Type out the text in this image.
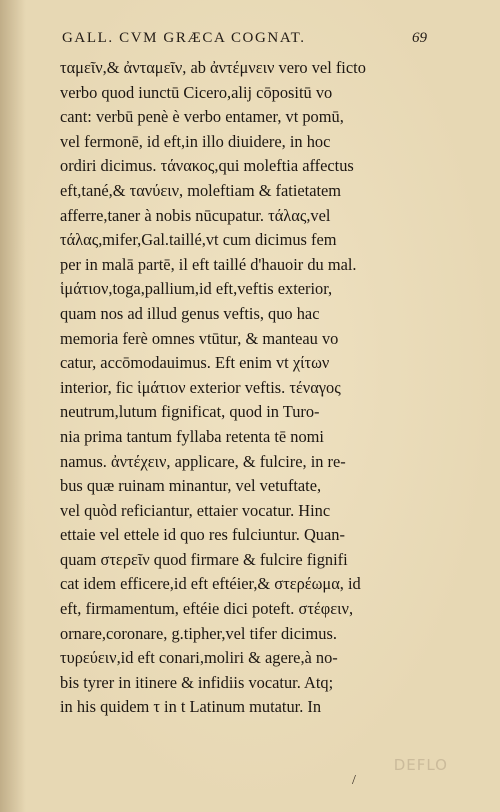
GALL. CVM GRÆCA COGNAT.	69
ταμεῖν,& ἀνταμεῖν, ab ἀντέμνειν vero vel ficto
verbo quod iunctū Cicero,alij cōpositū vo
cant: verbū penè è verbo entamer, vt pomū,
vel fermonē, id eft,in illo diuidere, in hoc
ordiri dicimus. τάνακος,qui moleftia affectus
eft,tané,& τανύειν, moleftiam & fatietatem
afferre,taner à nobis nūcupatur. τάλας,vel
τάλας,mifer,Gal.taillé,vt cum dicimus fem
per in malā partē, il eft taillé d'hauoir du mal.
ἱμάτιον,toga,pallium,id eft,veftis exterior,
quam nos ad illud genus veftis, quo hac
memoria ferè omnes vtūtur, & manteau vo
catur, accōmodauimus. Eft enim vt χίτων
interior, fic ἱμάτιον exterior veftis. τέναγος
neutrum,lutum fignificat, quod in Turo-
nia prima tantum fyllaba retenta tē nomi
namus. ἀντέχειν, applicare, & fulcire, in re-
bus quæ ruinam minantur, vel vetuftate,
vel quòd reficiantur, ettaier vocatur. Hinc
ettaie vel ettele id quo res fulciuntur. Quan-
quam στερεῖν quod firmare & fulcire fignifi
cat idem efficere,id eft eftéier,& στερέωμα, id
eft, firmamentum, eftéie dici poteft. στέφειν,
ornare,coronare, g.tipher,vel tifer dicimus.
τυρεύειν,id eft conari,moliri & agere,à no-
bis tyrer in itinere & infidiis vocatur. Atq;
in his quidem τ in t Latinum mutatur. In
DEFLO
/
